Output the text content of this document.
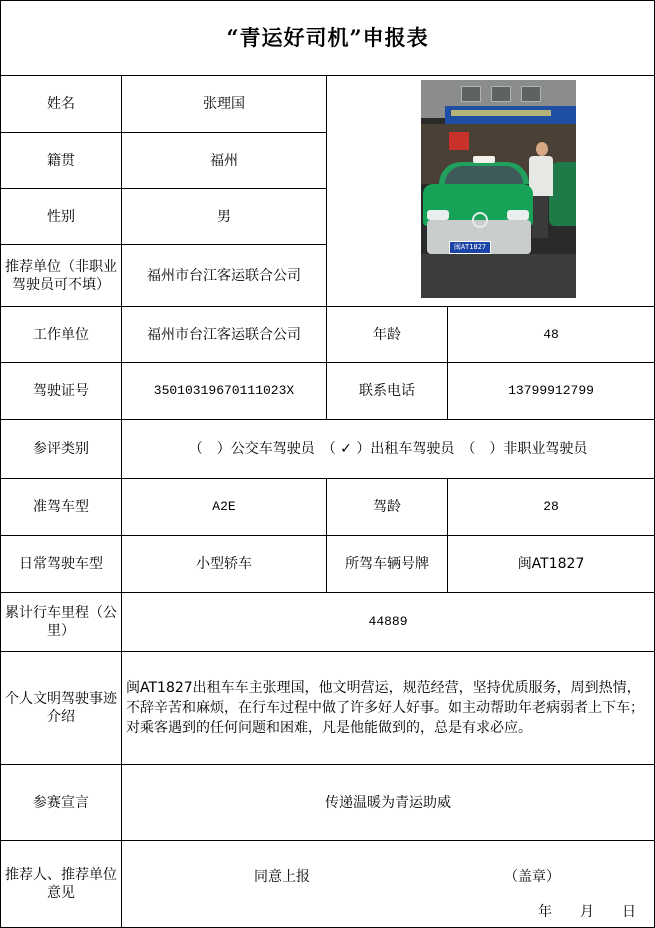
“青运好司机”申报表			
姓名	张理国	闽AT1827	

籍贯	福州		
性别	男		
推荐单位（非职业驾驶员可不填）	福州市台江客运联合公司		
工作单位	福州市台江客运联合公司	年龄	48
驾驶证号	35010319670111023X	联系电话	13799912799
参评类别	（　）公交车驾驶员　（ ✓ ）出租车驾驶员　（　）非职业驾驶员		
准驾车型	A2E	驾龄	28
日常驾驶车型	小型轿车	所驾车辆号牌	闽AT1827
累计行车里程（公里）	44889		
个人文明驾驶事迹介绍	闽AT1827出租车车主张理国，他文明营运，规范经营，坚持优质服务，周到热情，不辞辛苦和麻烦，在行车过程中做了许多好人好事。如主动帮助年老病弱者上下车；对乘客遇到的任何问题和困难，凡是他能做到的，总是有求必应。		
参赛宣言	传递温暖为青运助威		
推荐人、推荐单位意见	同意上报 （盖章）
年　　月　　日		
